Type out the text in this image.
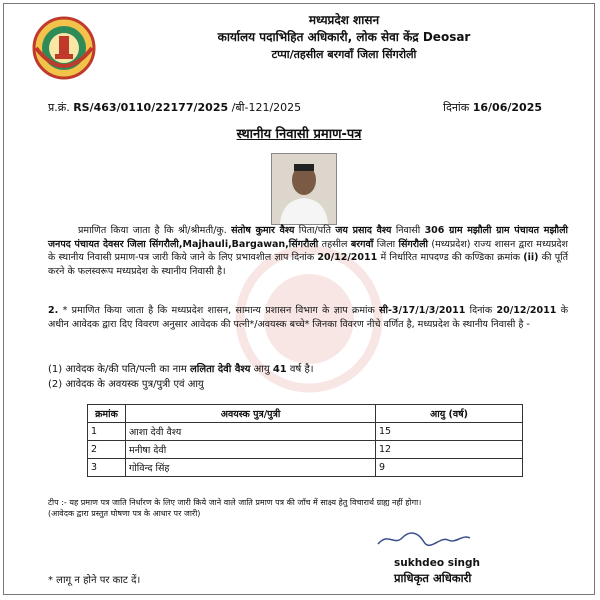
मध्यप्रदेश शासन
कार्यालय पदाभिहित अधिकारी, लोक सेवा केंद्र Deosar
टप्पा/तहसील बरगवाँ जिला सिंगरोली
प्र.क्रं. RS/463/0110/22177/2025 /बी-121/2025	दिनांक 16/06/2025
स्थानीय निवासी प्रमाण-पत्र
प्रमाणित किया जाता है कि श्री/श्रीमती/कु. संतोष कुमार वैश्य पिता/पति जय प्रसाद वैश्य निवासी 306 ग्राम मझौली ग्राम पंचायत मझौली जनपद पंचायत देवसर जिला सिंगरौली,Majhauli,Bargawan,सिंगरौली तहसील बरगवाँ जिला सिंगरौली (मध्यप्रदेश) राज्य शासन द्वारा मध्यप्रदेश के स्थानीय निवासी प्रमाण-पत्र जारी किये जाने के लिए प्रभावशील ज्ञाप दिनांक 20/12/2011 में निर्धारित मापदण्ड की कण्डिका क्रमांक (ii) की पूर्ति करने के फलस्वरूप मध्यप्रदेश के स्थानीय निवासी है।
2. * प्रमाणित किया जाता है कि मध्यप्रदेश शासन, सामान्य प्रशासन विभाग के ज्ञाप क्रमांक सी-3/17/1/3/2011 दिनांक 20/12/2011 के अधीन आवेदक द्वारा दिए विवरण अनुसार आवेदक की पत्नी*/अवयस्क बच्चे* जिनका विवरण नीचे वर्णित है, मध्यप्रदेश के स्थानीय निवासी है -
(1) आवेदक के/की पति/पत्नी का नाम ललिता देवी वैश्य आयु 41 वर्ष है।
(2) आवेदक के अवयस्क पुत्र/पुत्री एवं आयु
क्रमांक	अवयस्क पुत्र/पुत्री	आयु (वर्ष)
1	आशा देवी वैश्य	15
2	मनीषा देवी	12
3	गोविन्द सिंह	9
टीप :- यह प्रमाण पत्र जाति निर्धारण के लिए जारी किये जाने वाले जाति प्रमाण पत्र की जाँच में साक्ष्य हेतु विचारार्थ ग्राह्य नहीं होगा।
(आवेदक द्वारा प्रस्तुत घोषणा पत्र के आधार पर जारी)
sukhdeo singh
प्राधिकृत अधिकारी
* लागू न होने पर काट दें।
